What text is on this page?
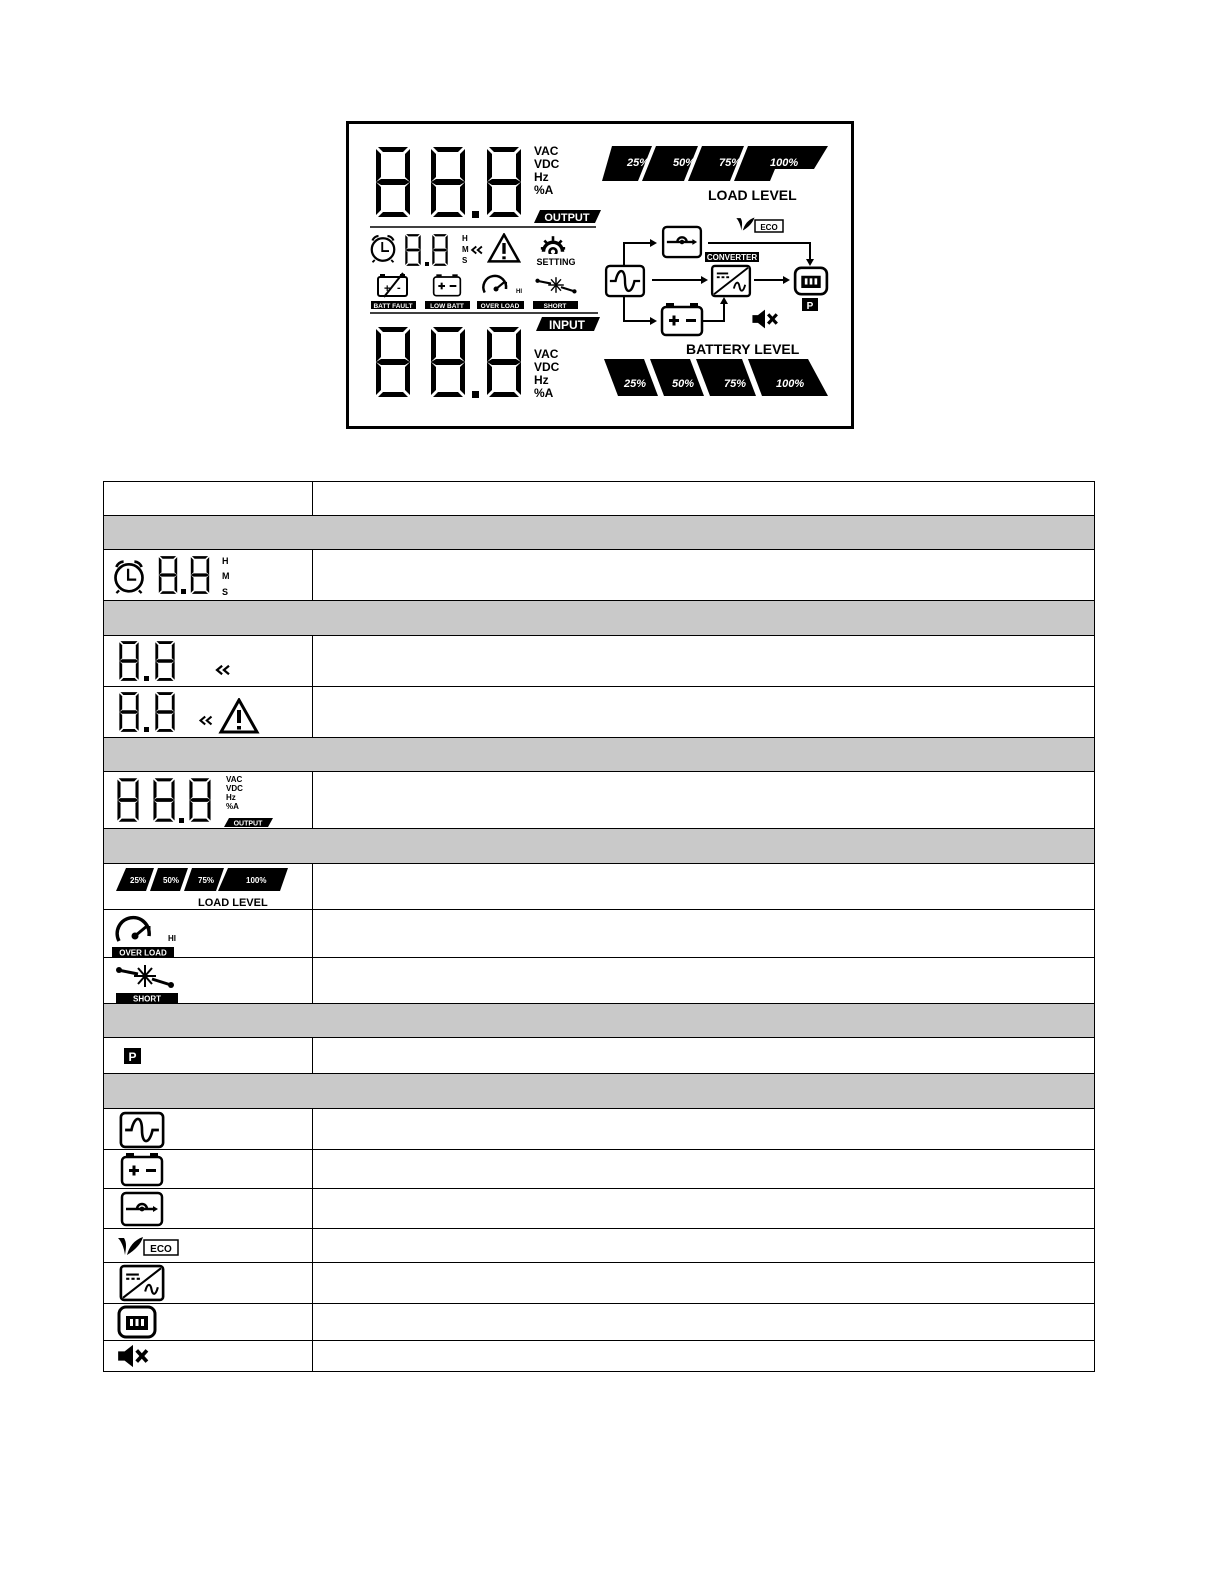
VAC
VDC
Hz
%A
OUTPUT
H
M
S	SETTING
+ -
BATT FAULT	LOW BATT
HI
OVER LOAD	SHORT
INPUT
VAC
VDC
Hz
%A
25% 50% 75%	100%
LOAD LEVEL
ECO
CONVERTER
P
BATTERY LEVEL
25% 50%	75%	100%

H
M
S	

VAC
VDC
Hz
%A
OUTPUT	

25% 50% 75% 100%
LOAD LEVEL	

HI
OVER LOAD	

SHORT	

P	

ECO	
